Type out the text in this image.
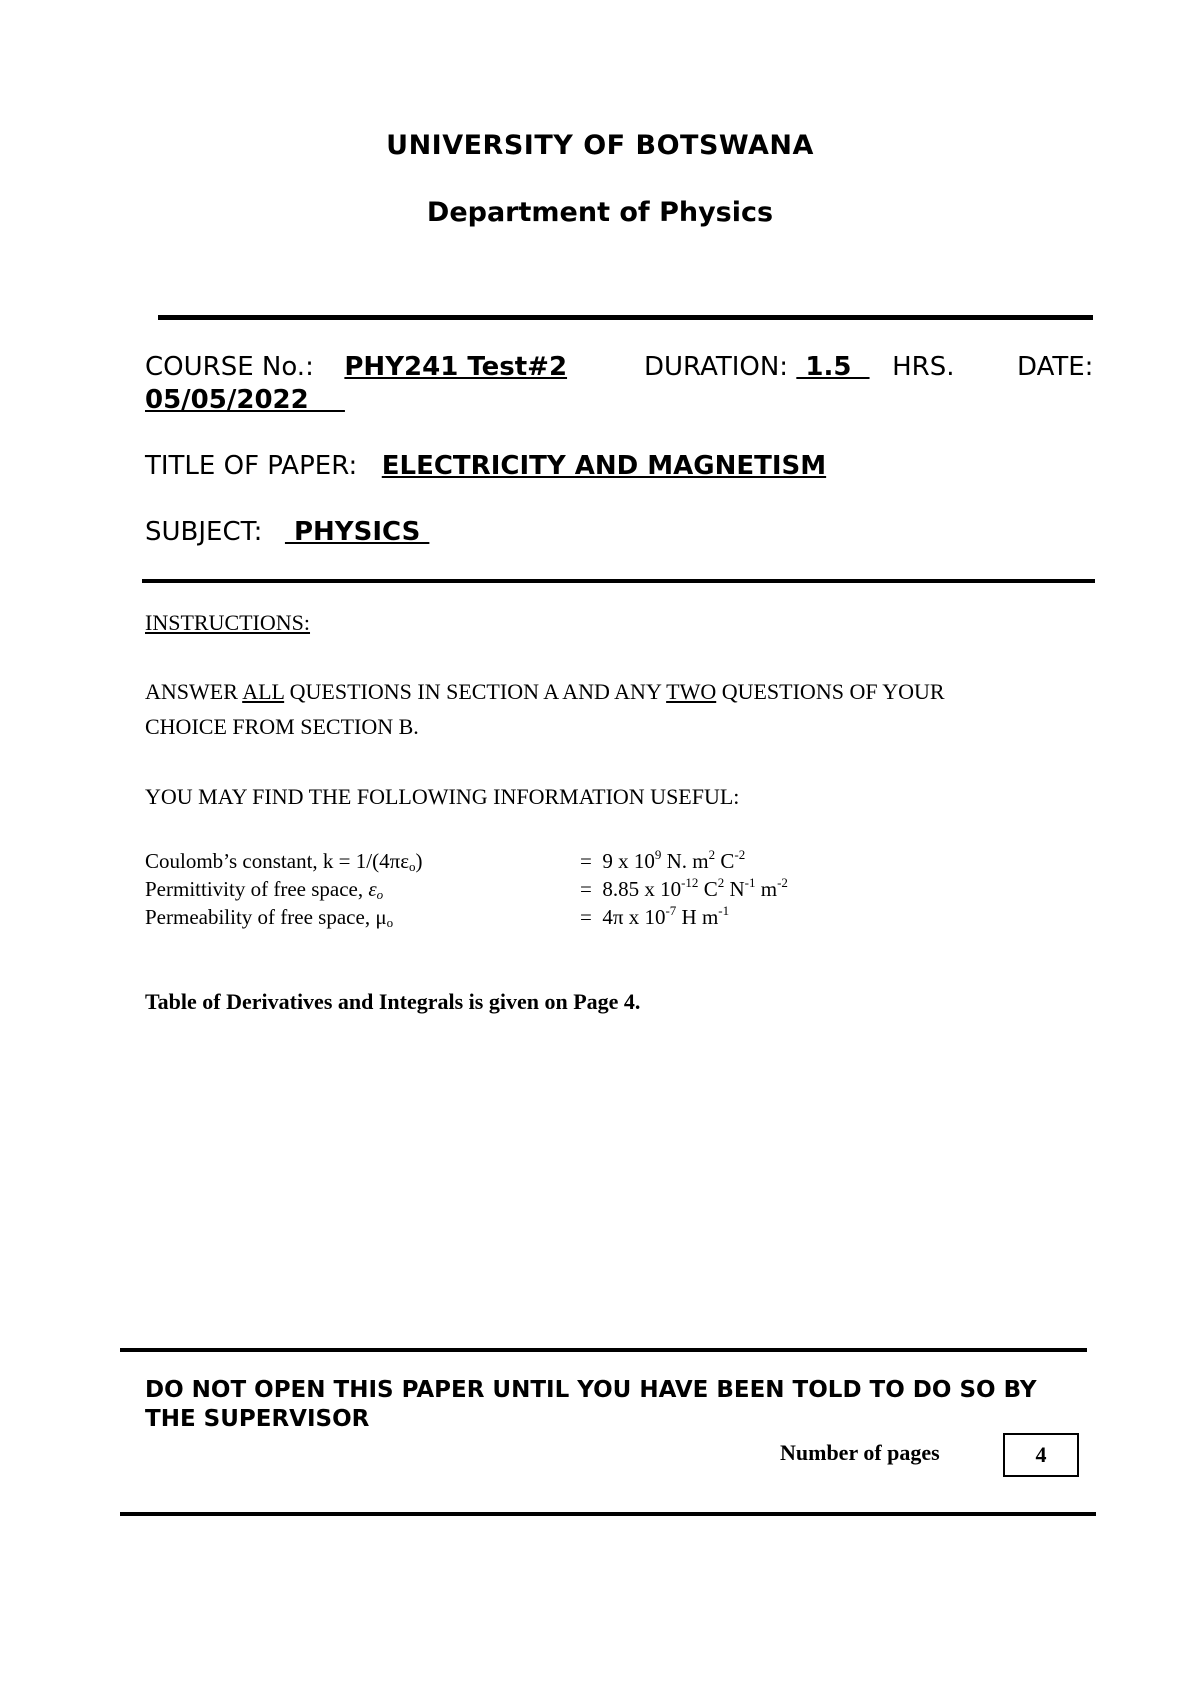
UNIVERSITY OF BOTSWANA
Department of Physics
COURSE No.: PHY241 Test#2	DURATION:  1.5    HRS. DATE:
05/05/2022
TITLE OF PAPER: ELECTRICITY AND MAGNETISM
SUBJECT:   PHYSICS
INSTRUCTIONS:
ANSWER ALL QUESTIONS IN SECTION A AND ANY TWO QUESTIONS OF YOUR
CHOICE FROM SECTION B.
YOU MAY FIND THE FOLLOWING INFORMATION USEFUL:
Coulomb’s constant, $k = 1/(4\pi\varepsilon_o)$	= 9 x $10^9$ N. $m^2$ $C^{-2}$
Permittivity of free space, $\varepsilon_o$	= 8.85 x $10^{-12}$ $C^2$ $N^{-1}$ $m^{-2}$
Permeability of free space, $\mu_o$	= 4π x $10^{-7}$ H $m^{-1}$
Table of Derivatives and Integrals is given on Page 4.
DO NOT OPEN THIS PAPER UNTIL YOU HAVE BEEN TOLD TO DO SO BY
THE SUPERVISOR
Number of pages	4
